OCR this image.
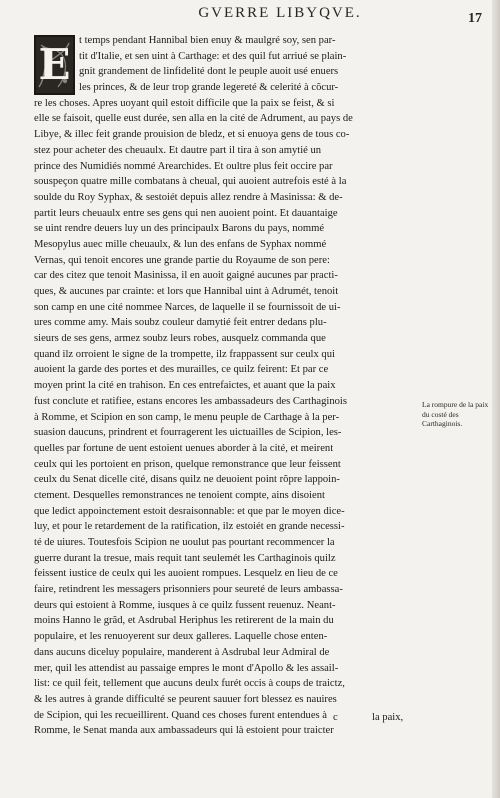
GVERRE LIBYQVE.	17
E t temps pendant Hannibal bien enuy & maulgré soy, sen par-
tit d'Italie, et sen uint à Carthage: et des quil fut arriué se plain-
gnit grandement de linfidelité dont le peuple auoit usé enuers
les princes, & de leur trop grande legereté & celerité à cõcur-
re les choses. Apres uoyant quil estoit difficile que la paix se feist, & si
elle se faisoit, quelle eust durée, sen alla en la cité de Adrument, au pays de
Libye, & illec feit grande prouision de bledz, et si enuoya gens de tous co-
stez pour acheter des cheuaulx. Et dautre part il tira à son amytié un
prince des Numidiés nommé Arearchides. Et oultre plus feit occire par
souspeçon quatre mille combatans à cheual, qui auoient autrefois esté à la
soulde du Roy Syphax, & sestoiét depuis allez rendre à Masinissa: & de-
partit leurs cheuaulx entre ses gens qui nen auoient point. Et dauantaige
se uint rendre deuers luy un des principaulx Barons du pays, nommé
Mesopylus auec mille cheuaulx, & lun des enfans de Syphax nommé
Vernas, qui tenoit encores une grande partie du Royaume de son pere:
car des citez que tenoit Masinissa, il en auoit gaigné aucunes par practi-
ques, & aucunes par crainte: et lors que Hannibal uint à Adrumét, tenoit
son camp en une cité nommee Narces, de laquelle il se fournissoit de ui-
ures comme amy. Mais soubz couleur damytié feit entrer dedans plu-
sieurs de ses gens, armez soubz leurs robes, ausquelz commanda que
quand ilz orroient le signe de la trompette, ilz frappassent sur ceulx qui
auoient la garde des portes et des murailles, ce quilz feirent: Et par ce
moyen print la cité en trahison. En ces entrefaictes, et auant que la paix
fust conclute et ratifiee, estans encores les ambassadeurs des Carthaginois
à Romme, et Scipion en son camp, le menu peuple de Carthage à la per-
suasion daucuns, prindrent et fourragerent les uictuailles de Scipion, les-
quelles par fortune de uent estoient uenues aborder à la cité, et meirent
ceulx qui les portoient en prison, quelque remonstrance que leur feissent
ceulx du Senat dicelle cité, disans quilz ne deuoient point rõpre lappoin-
ctement. Desquelles remonstrances ne tenoient compte, ains disoient
que ledict appoinctement estoit desraisonnable: et que par le moyen dice-
luy, et pour le retardement de la ratification, ilz estoiét en grande necessi-
té de uiures. Toutesfois Scipion ne uoulut pas pourtant recommencer la
guerre durant la tresue, mais requit tant seulemét les Carthaginois quilz
feissent iustice de ceulx qui les auoient rompues. Lesquelz en lieu de ce
faire, retindrent les messagers prisonniers pour seureté de leurs ambassa-
deurs qui estoient à Romme, iusques à ce quilz fussent reuenuz. Neant-
moins Hanno le grãd, et Asdrubal Heriphus les retirerent de la main du
populaire, et les renuoyerent sur deux galleres. Laquelle chose enten-
dans aucuns diceluy populaire, manderent à Asdrubal leur Admiral de
mer, quil les attendist au passaige empres le mont d'Apollo & les assail-
list: ce quil feit, tellement que aucuns deulx furét occis à coups de traictz,
& les autres à grande difficulté se peurent sauuer fort blessez es nauires
de Scipion, qui les recueillirent. Quand ces choses furent entendues à
Romme, le Senat manda aux ambassadeurs qui là estoient pour traicter
La rompure de la paix du costé des Carthaginois.
c	la paix,
